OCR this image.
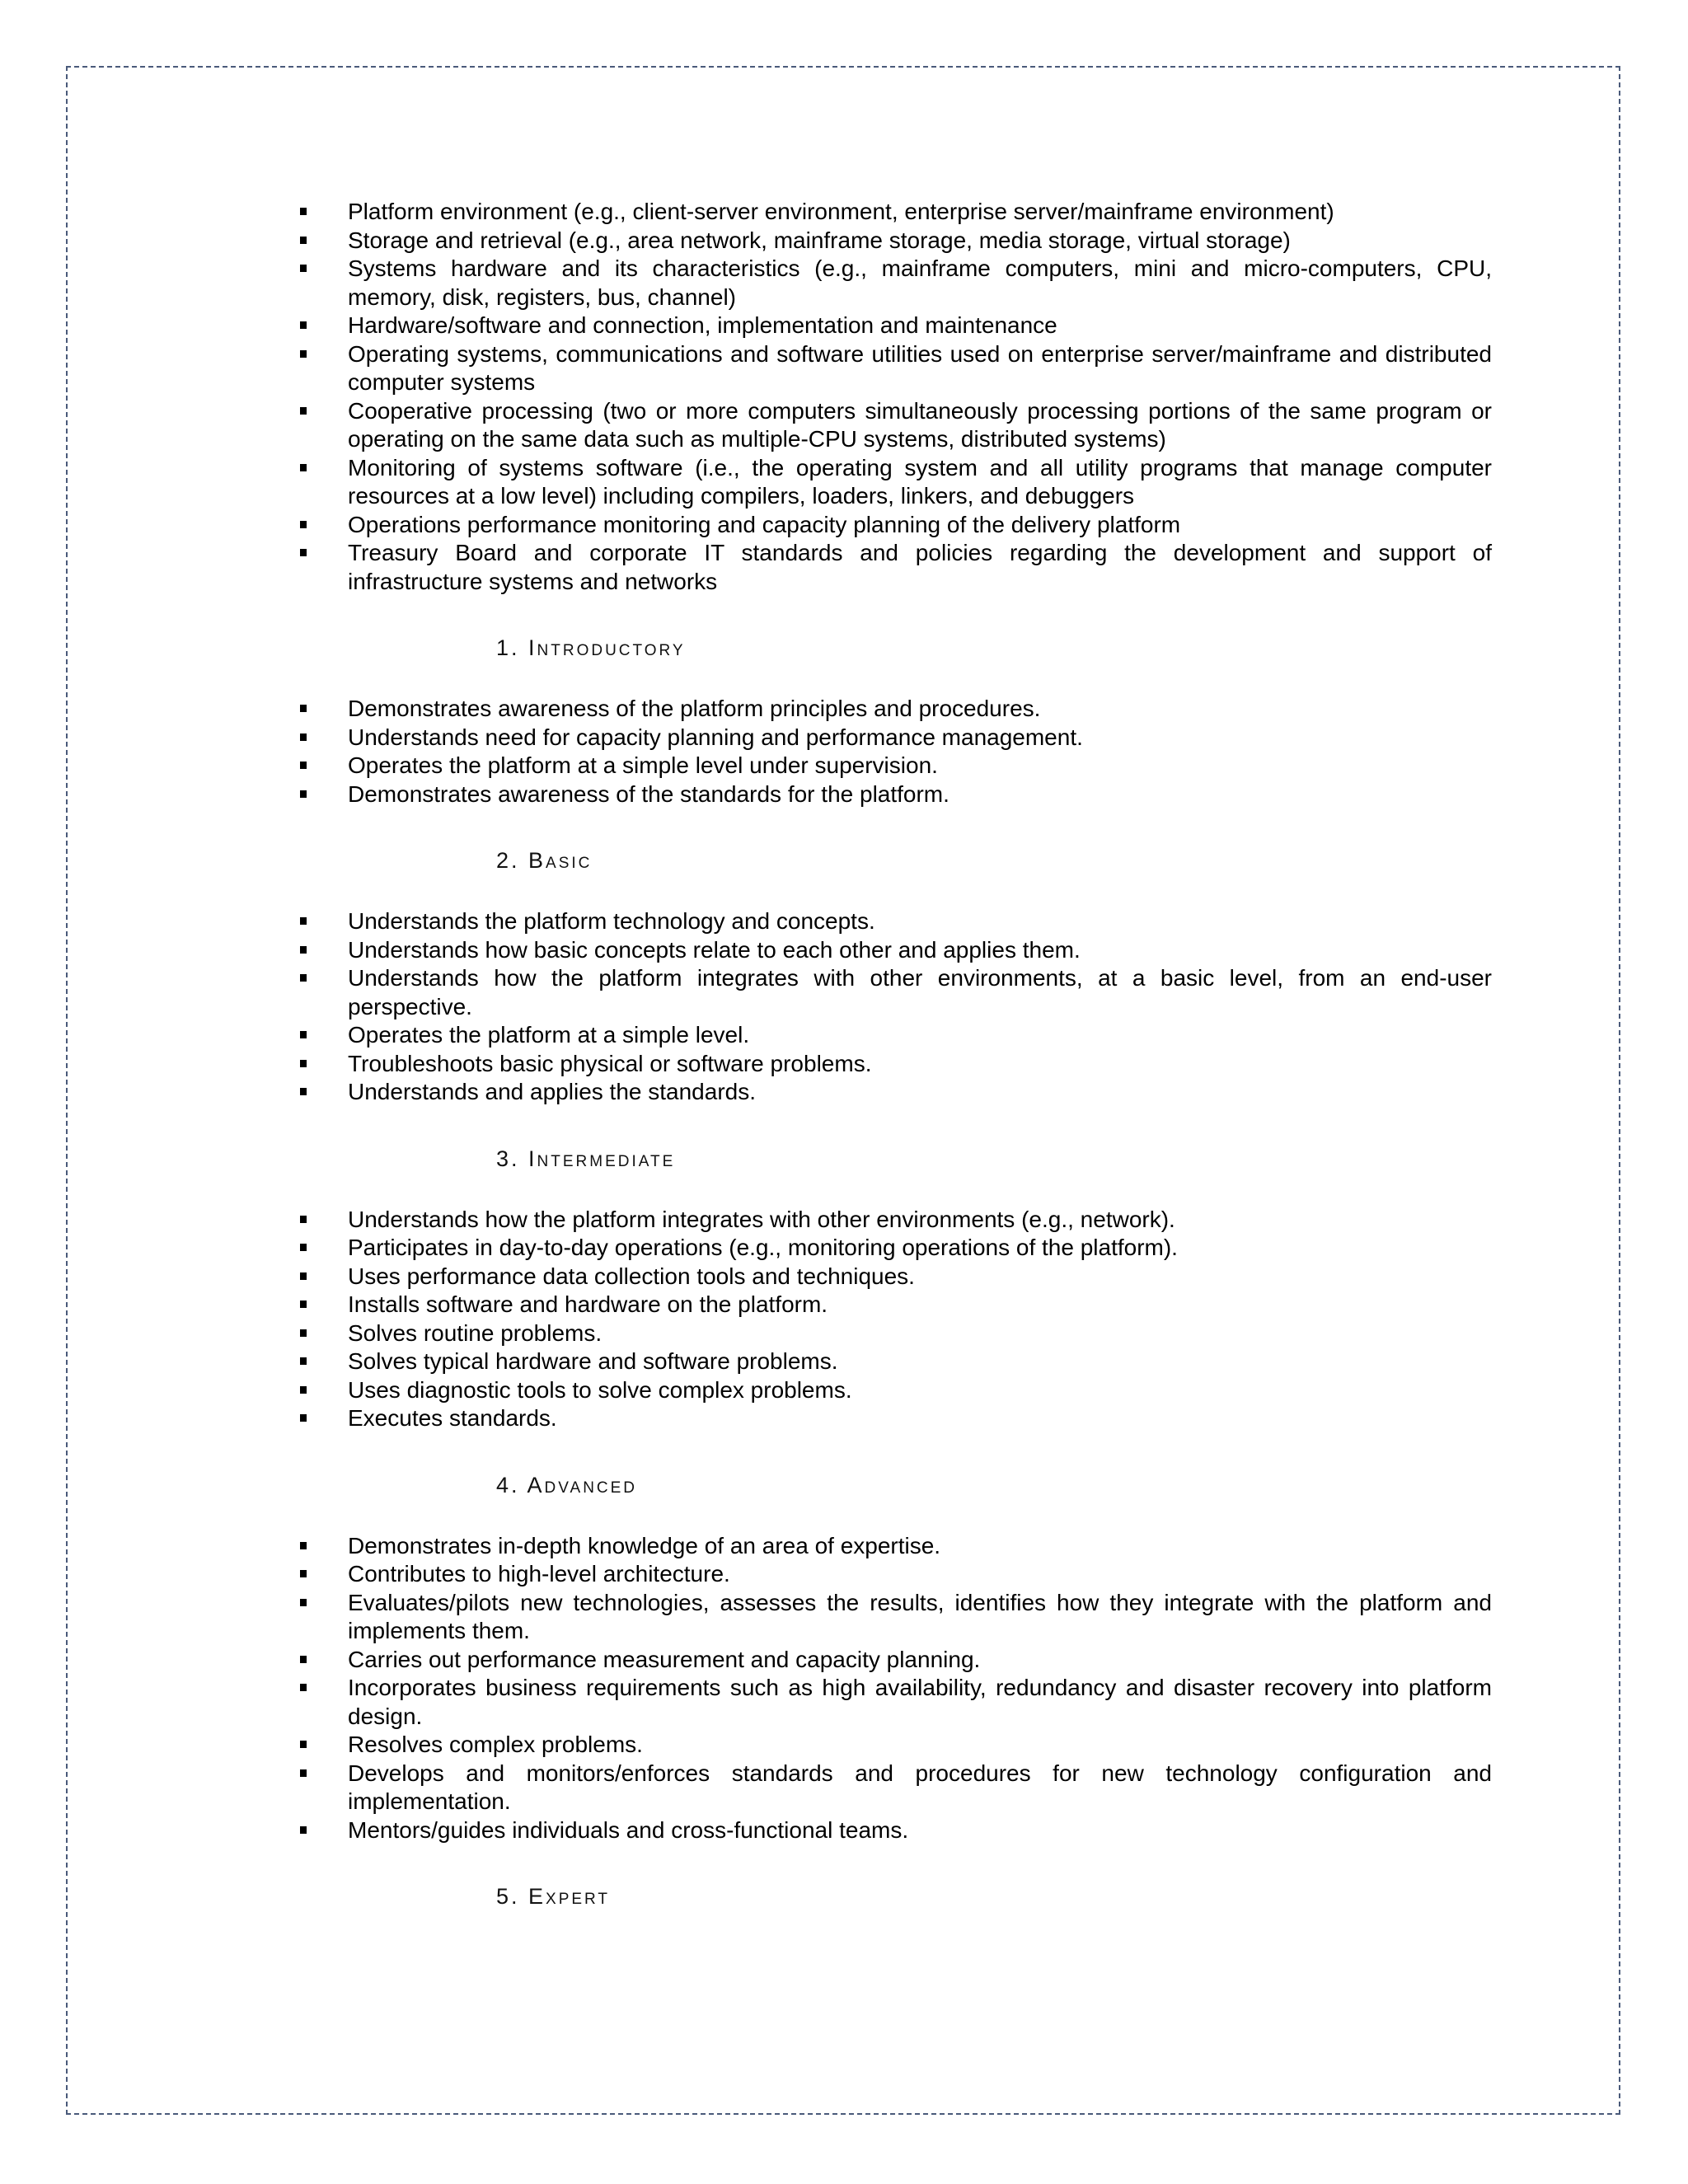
Platform environment (e.g., client-server environment, enterprise server/mainframe environment)
Storage and retrieval (e.g., area network, mainframe storage, media storage, virtual storage)
Systems hardware and its characteristics (e.g., mainframe computers, mini and micro-computers, CPU, memory, disk, registers, bus, channel)
Hardware/software and connection, implementation and maintenance
Operating systems, communications and software utilities used on enterprise server/mainframe and distributed computer systems
Cooperative processing (two or more computers simultaneously processing portions of the same program or operating on the same data such as multiple-CPU systems, distributed systems)
Monitoring of systems software (i.e., the operating system and all utility programs that manage computer resources at a low level) including compilers, loaders, linkers, and debuggers
Operations performance monitoring and capacity planning of the delivery platform
Treasury Board and corporate IT standards and policies regarding the development and support of infrastructure systems and networks
1. Introductory
Demonstrates awareness of the platform principles and procedures.
Understands need for capacity planning and performance management.
Operates the platform at a simple level under supervision.
Demonstrates awareness of the standards for the platform.
2. Basic
Understands the platform technology and concepts.
Understands how basic concepts relate to each other and applies them.
Understands how the platform integrates with other environments, at a basic level, from an end-user perspective.
Operates the platform at a simple level.
Troubleshoots basic physical or software problems.
Understands and applies the standards.
3. Intermediate
Understands how the platform integrates with other environments (e.g., network).
Participates in day-to-day operations (e.g., monitoring operations of the platform).
Uses performance data collection tools and techniques.
Installs software and hardware on the platform.
Solves routine problems.
Solves typical hardware and software problems.
Uses diagnostic tools to solve complex problems.
Executes standards.
4. Advanced
Demonstrates in-depth knowledge of an area of expertise.
Contributes to high-level architecture.
Evaluates/pilots new technologies, assesses the results, identifies how they integrate with the platform and implements them.
Carries out performance measurement and capacity planning.
Incorporates business requirements such as high availability, redundancy and disaster recovery into platform design.
Resolves complex problems.
Develops and monitors/enforces standards and procedures for new technology configuration and implementation.
Mentors/guides individuals and cross-functional teams.
5. Expert
